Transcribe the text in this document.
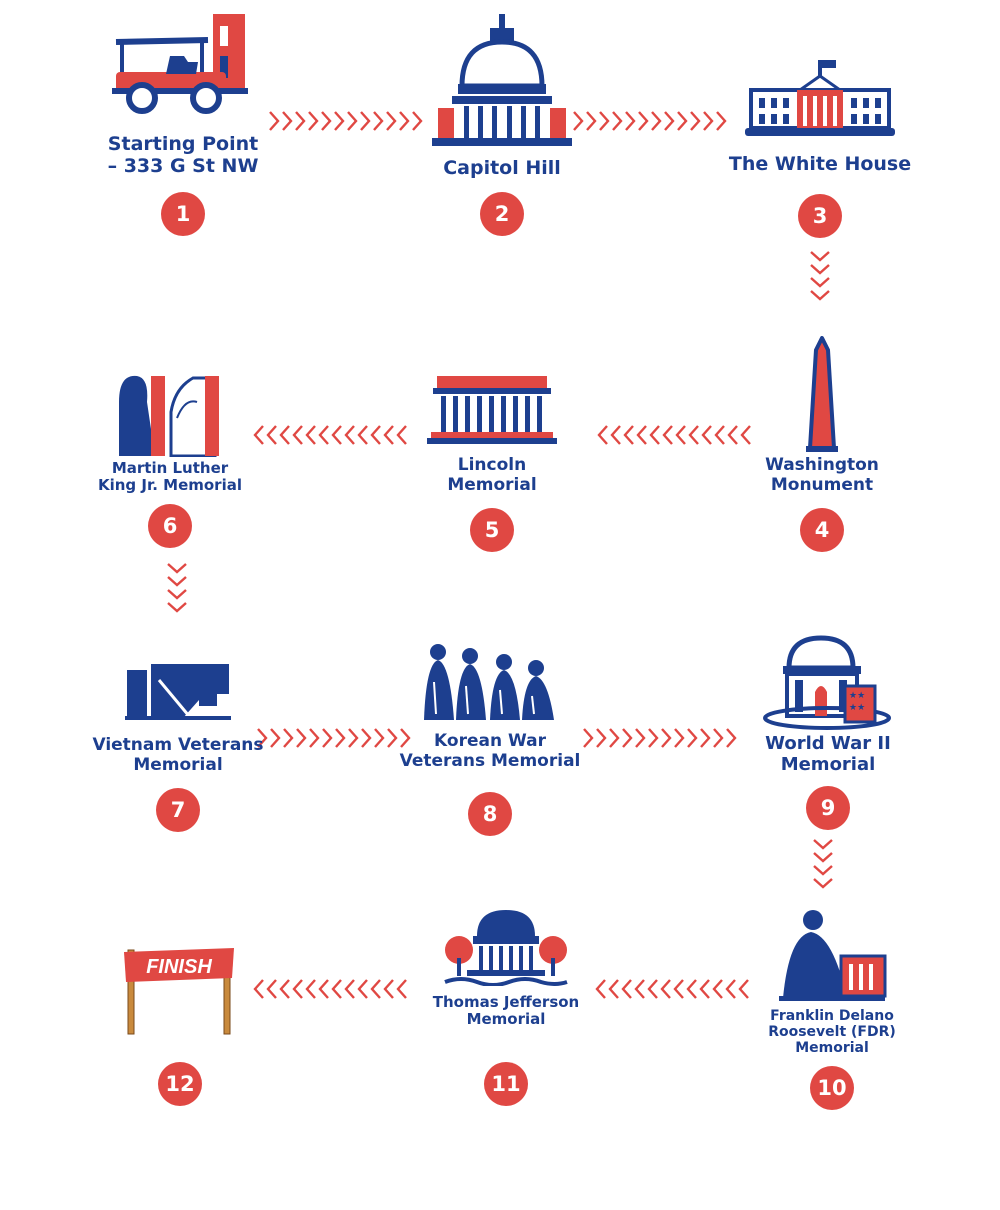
Starting Point
– 333 G St NW
1
Capitol Hill
2
The White House
3
Washington
Monument
4
Lincoln
Memorial
5
Martin Luther
King Jr. Memorial
6
Vietnam Veterans
Memorial
7
Korean War
Veterans Memorial
8
★★
★★
World War II
Memorial
9
Franklin Delano
Roosevelt (FDR)
Memorial
10
Thomas Jefferson
Memorial
11
FINISH
12
